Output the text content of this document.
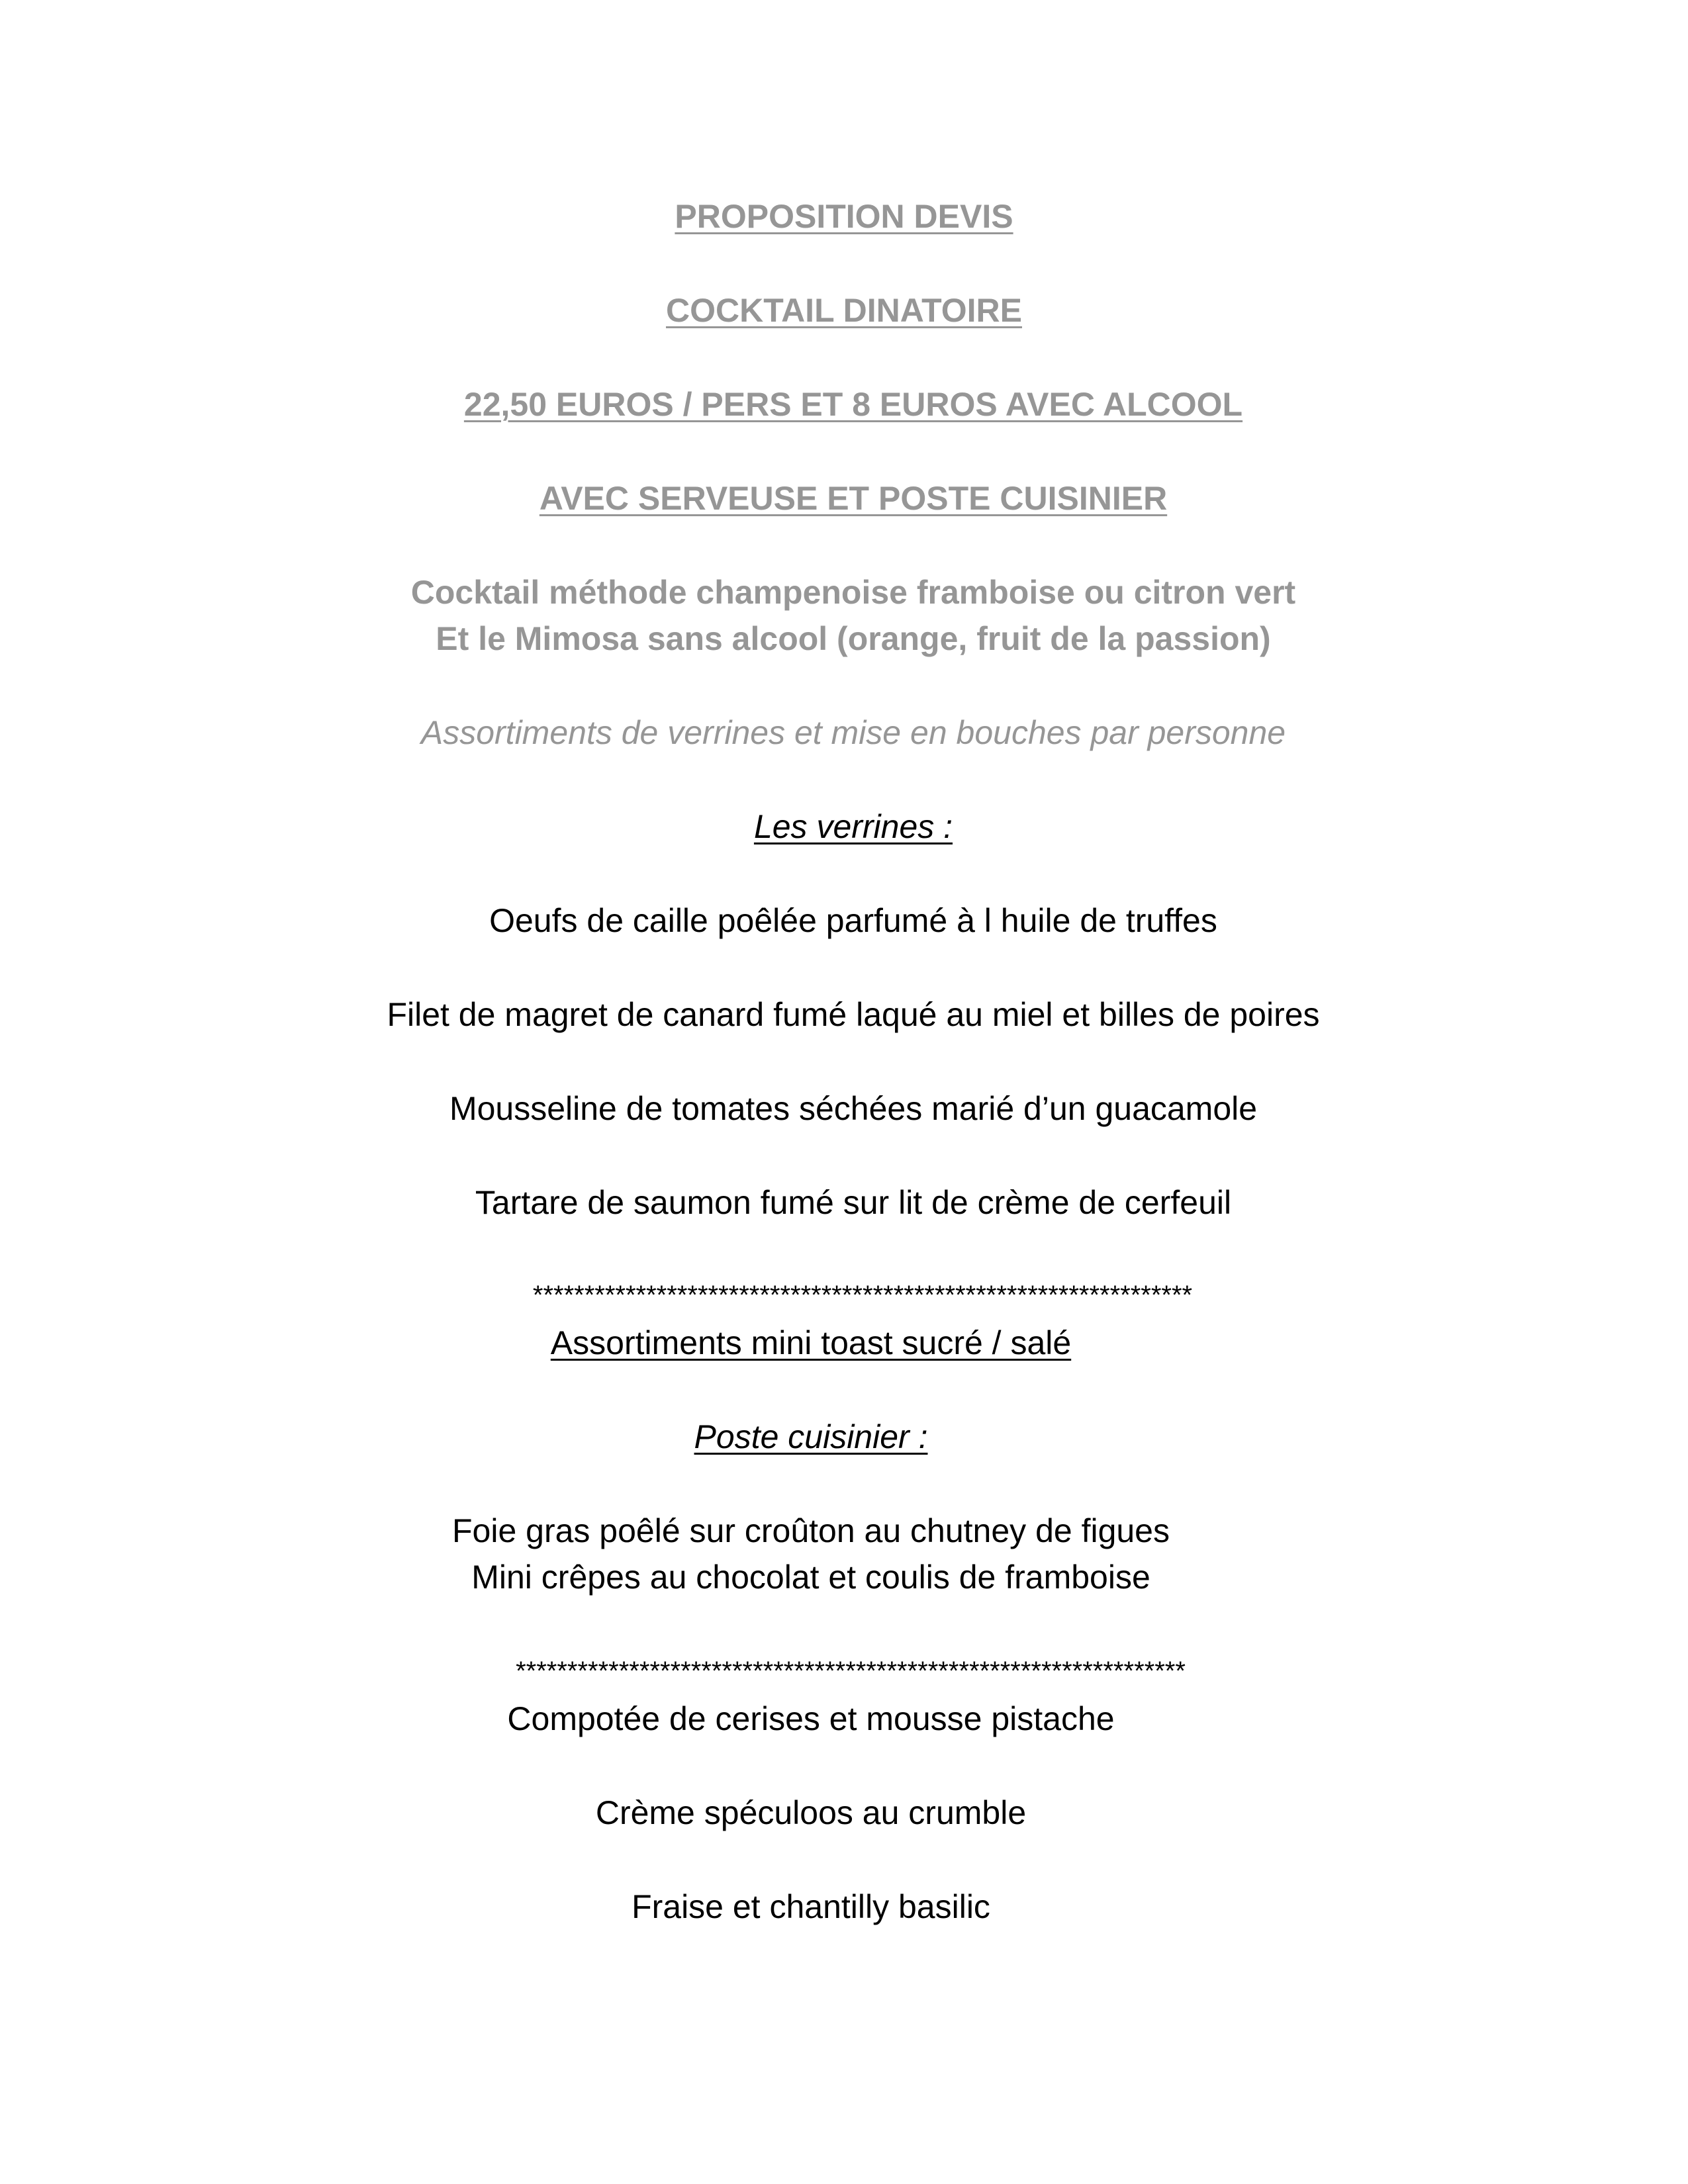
PROPOSITION DEVIS
COCKTAIL DINATOIRE
22,50 EUROS / PERS ET 8 EUROS AVEC ALCOOL
AVEC SERVEUSE ET POSTE CUISINIER
Cocktail méthode champenoise framboise ou citron vert
Et le Mimosa sans alcool (orange, fruit de la passion)
Assortiments de verrines et mise en bouches par personne
Les verrines :
Oeufs de caille poêlée parfumé à l huile de truffes
Filet de magret de canard fumé laqué au miel et billes de poires
Mousseline de tomates séchées marié d’un guacamole
Tartare de saumon fumé sur lit de crème de cerfeuil
****************************************************************
Assortiments mini toast sucré / salé
Poste cuisinier :
Foie gras poêlé sur croûton au chutney de figues
Mini crêpes au chocolat et coulis de framboise
*****************************************************************
Compotée de cerises et mousse pistache
Crème spéculoos au crumble
Fraise et chantilly basilic
